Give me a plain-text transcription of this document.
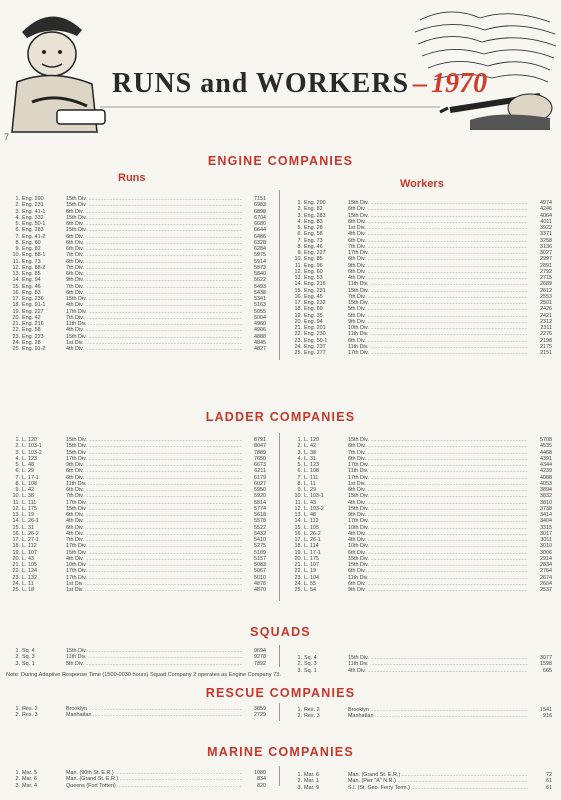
RUNS and WORKERS – 1970
7
ENGINE COMPANIES
Runs	Workers
1. Eng. 290	15th Div. .....	7151
2. Eng. 231	15th Div. .....	6983
3. Eng. 41-1	6th Div. .....	6898
4. Eng. 332	15th Div. .....	6704
5. Eng. 50-1	6th Div. .....	6680
6. Eng. 283	15th Div. .....	6644
7. Eng. 41-2	6th Div. .....	6486
8. Eng. 60	6th Div. .....	6328
9. Eng. 82	6th Div. .....	6284
10. Eng. 88-1	7th Div. .....	5975
11. Eng. 73	6th Div. .....	5914
12. Eng. 88-2	7th Div. .....	5873
13. Eng. 85	6th Div. .....	5840
14. Eng. 94	9th Div. .....	5622
15. Eng. 46	7th Div. .....	5493
16. Eng. 83	6th Div. .....	5438
17. Eng. 236	15th Div. .....	5341
18. Eng. 91-1	4th Div. .....	5163
19. Eng. 227	17th Div. .....	5055
20. Eng. 42	7th Div. .....	5004
21. Eng. 216	11th Div. .....	4960
22. Eng. 58	4th Div. .....	4906
23. Eng. 223	15th Div. .....	4888
24. Eng. 28	1st Div. .....	4845
25. Eng. 91-2	4th Div. .....	4827
1. Eng. 290	15th Div. .....	4974
2. Eng. 82	6th Div. .....	4246
3. Eng. 283	15th Div. .....	4064
4. Eng. 83	6th Div. .....	4011
5. Eng. 28	1st Div. .....	3922
6. Eng. 58	4th Div. .....	3371
7. Eng. 73	6th Div. .....	3258
8. Eng. 46	7th Div. .....	3136
9. Eng. 227	17th Div. .....	3027
10. Eng. 85	6th Div. .....	2997
11. Eng. 96	9th Div. .....	2891
12. Eng. 60	6th Div. .....	2792
13. Eng. 53	4th Div. .....	2715
14. Eng. 216	11th Div. .....	2689
15. Eng. 231	15th Div. .....	2612
16. Eng. 45	7th Div. .....	2553
17. Eng. 232	15th Div. .....	2501
18. Eng. 69	5th Div. .....	2426
19. Eng. 35	5th Div. .....	2421
20. Eng. 94	9th Div. .....	2312
21. Eng. 201	10th Div. .....	2311
22. Eng. 230	11th Div. .....	2276
23. Eng. 50-1	6th Div. .....	2198
24. Eng. 237	11th Div. .....	2175
25. Eng. 277	17th Div. .....	2151
LADDER COMPANIES
1. L. 120	15th Div. .....	8791
2. L. 103-1	15th Div. .....	8047
3. L. 103-2	15th Div. .....	7889
4. L. 123	17th Div. .....	7650
5. L. 48	9th Div. .....	6673
6. L. 29	6th Div. .....	6211
7. L. 17-1	6th Div. .....	6179
8. L. 108	11th Div. .....	6027
9. L. 42	6th Div. .....	5950
10. L. 38	7th Div. .....	5920
11. L. 111	17th Div. .....	5814
12. L. 175	15th Div. .....	5774
13. L. 19	6th Div. .....	5618
14. L. 26-1	4th Div. .....	5578
15. L. 31	6th Div. .....	5522
16. L. 26-2	4th Div. .....	5432
17. L. 27-1	7th Div. .....	5410
18. L. 112	17th Div. .....	5275
19. L. 107	15th Div. .....	5189
20. L. 43	4th Div. .....	5157
21. L. 105	10th Div. .....	5083
22. L. 124	17th Div. .....	5067
23. L. 132	17th Div. .....	5010
24. L. 11	1st Div. .....	4878
25. L. 18	1st Div. .....	4870
1. L. 120	15th Div. .....	5708
2. L. 42	6th Div. .....	4535
3. L. 38	7th Div. .....	4468
4. L. 31	6th Div. .....	4391
5. L. 123	17th Div. .....	4344
6. L. 108	11th Div. .....	4239
7. L. 111	17th Div. .....	4088
8. L. 11	1st Div. .....	4053
9. L. 29	6th Div. .....	3894
10. L. 103-1	15th Div. .....	3832
11. L. 43	4th Div. .....	3810
12. L. 103-2	15th Div. .....	3738
13. L. 48	9th Div. .....	3414
14. L. 112	17th Div. .....	3404
15. L. 105	10th Div. .....	3315
16. L. 26-2	4th Div. .....	3017
17. L. 26-1	4th Div. .....	3011
18. L. 114	10th Div. .....	3010
19. L. 17-1	6th Div. .....	3006
20. L. 175	15th Div. .....	2914
21. L. 107	15th Div. .....	2834
22. L. 19	6th Div. .....	2764
23. L. 104	11th Div. .....	2674
24. L. 55	6th Div. .....	2604
25. L. 54	9th Div. .....	2537
SQUADS
1. Sq. 4	15th Div. .....	9694
2. Sq. 3	11th Div. .....	9278
3. Sq. 1	5th Div. .....	7892
1. Sq. 4	15th Div. .....	3077
2. Sq. 3	11th Div. .....	1598
3. Sq. 1	4th Div. .....	665
Note: During Adaptive Response Time (1500-0030 hours) Squad Company 2 operates as Engine Company 73.
RESCUE COMPANIES
1. Res. 2	Brooklyn .....	3859
2. Res. 3	Manhattan .....	2729
1. Res. 2	Brooklyn .....	1541
2. Res. 3	Manhattan .....	916
MARINE COMPANIES
1. Mar. 5	Man. (90th St. E.R.) .....	1080
2. Mar. 6	Man. (Grand St. E.R.) .....	834
3. Mar. 4	Queens (Fort Totten) .....	820
1. Mar. 6	Man. (Grand St. E.R.) .....	72
2. Mar. 1	Man. (Pier "A" N.R.) .....	61
3. Mar. 9	S.I. (St. Geo. Ferry Term.) .....	61
